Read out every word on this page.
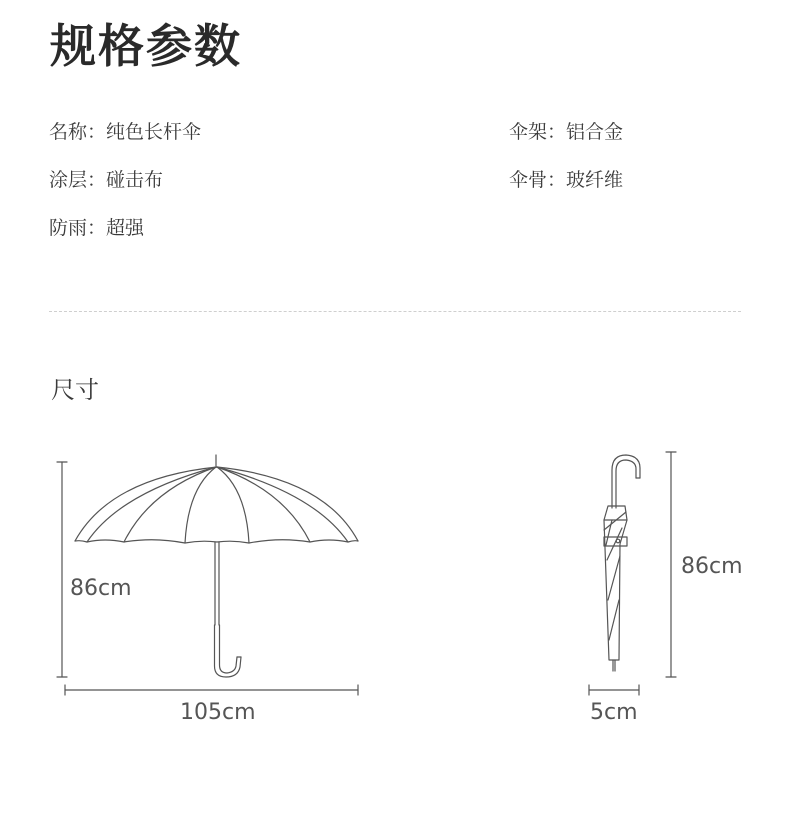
规格参数
名称：纯色长杆伞	伞架：铝合金
涂层：碰击布	伞骨：玻纤维
防雨：超强
尺寸
86cm
105cm
86cm
5cm
